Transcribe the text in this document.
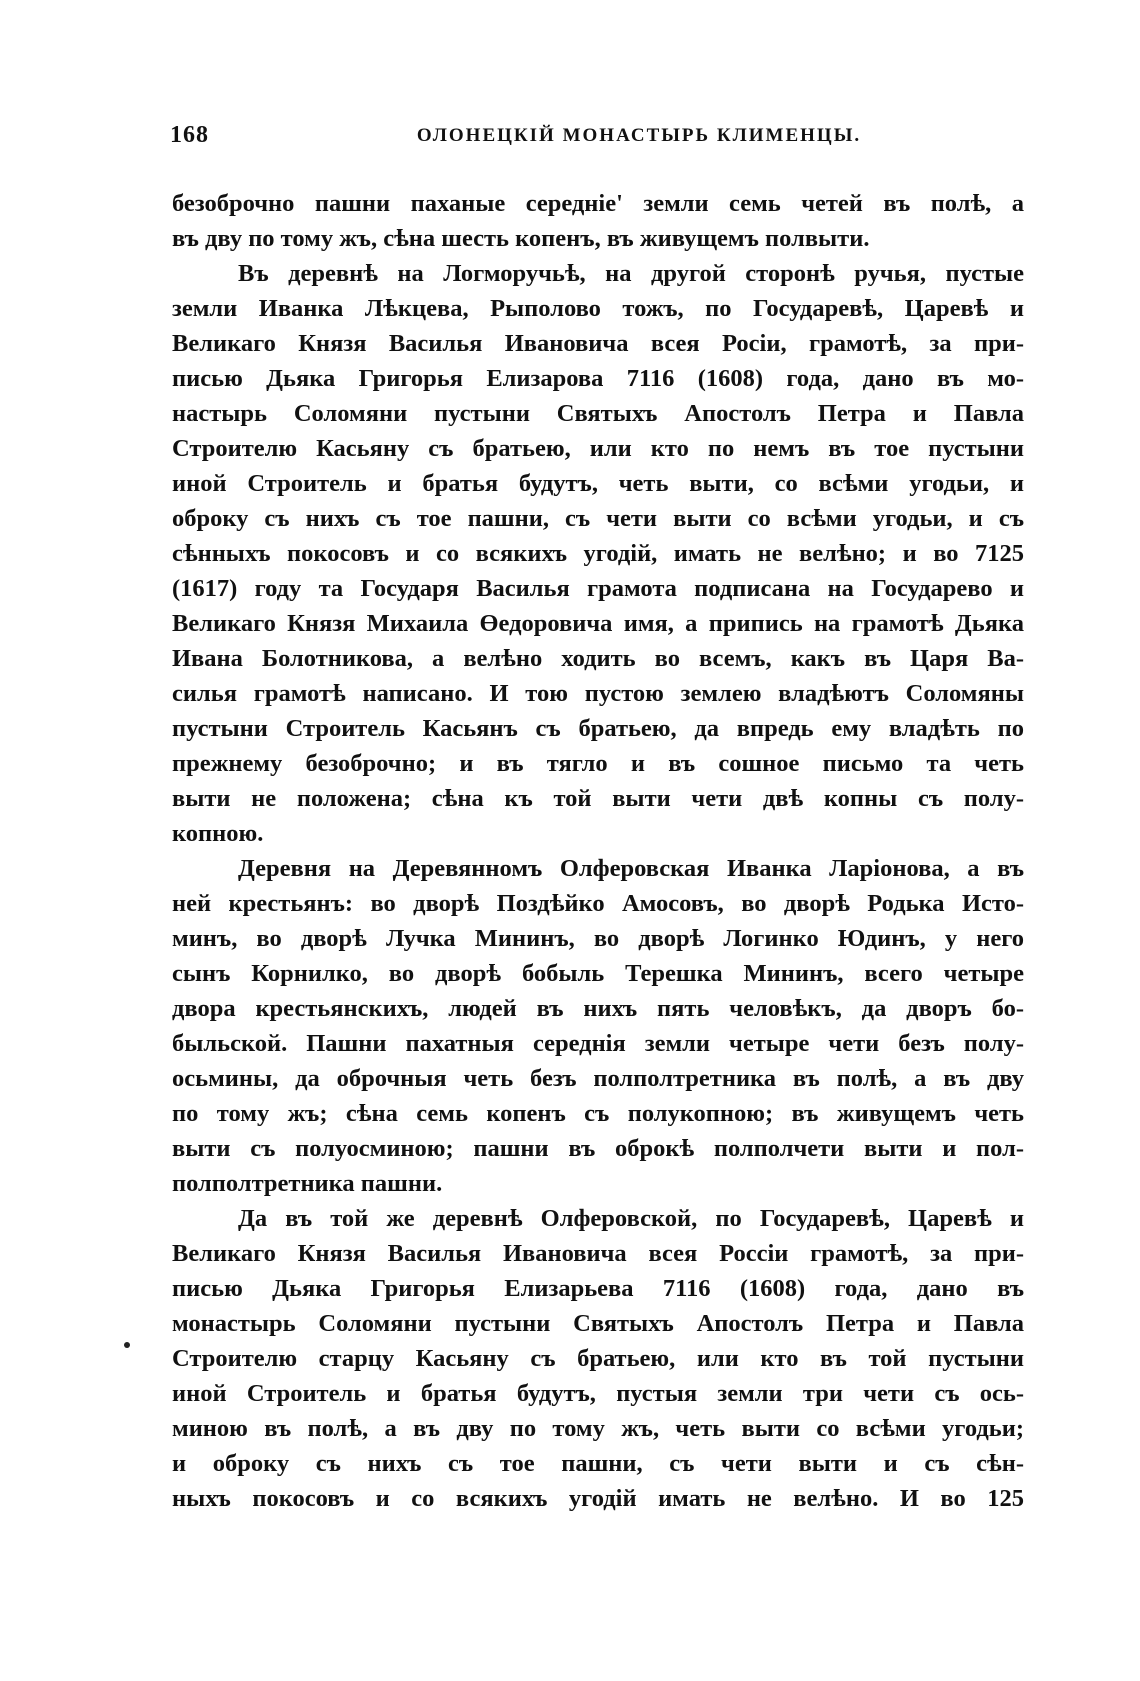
168	ОЛОНЕЦКІЙ МОНАСТЫРЬ КЛИМЕНЦЫ.
безоброчно пашни паханые середніе' земли семь четей въ полѣ, а
въ дву по тому жъ, сѣна шесть копенъ, въ живущемъ полвыти.
Въ деревнѣ на Логморучьѣ, на другой сторонѣ ручья, пустые
земли Иванка Лѣкцева, Рыполово тожъ, по Государевѣ, Царевѣ и
Великаго Князя Василья Ивановича всея Росіи, грамотѣ, за при-
писью Дьяка Григорья Елизарова 7116 (1608) года, дано въ мо-
настырь Соломяни пустыни Святыхъ Апостолъ Петра и Павла
Строителю Касьяну съ братьею, или кто по немъ въ тое пустыни
иной Строитель и братья будутъ, четь выти, со всѣми угодьи, и
оброку съ нихъ съ тое пашни, съ чети выти со всѣми угодьи, и съ
сѣнныхъ покосовъ и со всякихъ угодій, имать не велѣно; и во 7125
(1617) году та Государя Василья грамота подписана на Государево и
Великаго Князя Михаила Өедоровича имя, а припись на грамотѣ Дьяка
Ивана Болотникова, а велѣно ходить во всемъ, какъ въ Царя Ва-
силья грамотѣ написано. И тою пустою землею владѣютъ Соломяны
пустыни Строитель Касьянъ съ братьею, да впредь ему владѣть по
прежнему безоброчно; и въ тягло и въ сошное письмо та четь
выти не положена; сѣна къ той выти чети двѣ копны съ полу-
копною.
Деревня на Деревянномъ Олферовская Иванка Ларіонова, а въ
ней крестьянъ: во дворѣ Поздѣйко Амосовъ, во дворѣ Родька Исто-
минъ, во дворѣ Лучка Мининъ, во дворѣ Логинко Юдинъ, у него
сынъ Корнилко, во дворѣ бобыль Терешка Мининъ, всего четыре
двора крестьянскихъ, людей въ нихъ пять человѣкъ, да дворъ бо-
быльской. Пашни пахатныя середнія земли четыре чети безъ полу-
осьмины, да оброчныя четь безъ полполтретника въ полѣ, а въ дву
по тому жъ; сѣна семь копенъ съ полукопною; въ живущемъ четь
выти съ полуосминою; пашни въ оброкѣ полполчети выти и пол-
полполтретника пашни.
Да въ той же деревнѣ Олферовской, по Государевѣ, Царевѣ и
Великаго Князя Василья Ивановича всея Россіи грамотѣ, за при-
писью Дьяка Григорья Елизарьева 7116 (1608) года, дано въ
монастырь Соломяни пустыни Святыхъ Апостолъ Петра и Павла
Строителю старцу Касьяну съ братьею, или кто въ той пустыни
иной Строитель и братья будутъ, пустыя земли три чети съ ось-
миною въ полѣ, а въ дву по тому жъ, четь выти со всѣми угодьи;
и оброку съ нихъ съ тое пашни, съ чети выти и съ сѣн-
ныхъ покосовъ и со всякихъ угодій имать не велѣно. И во 125
